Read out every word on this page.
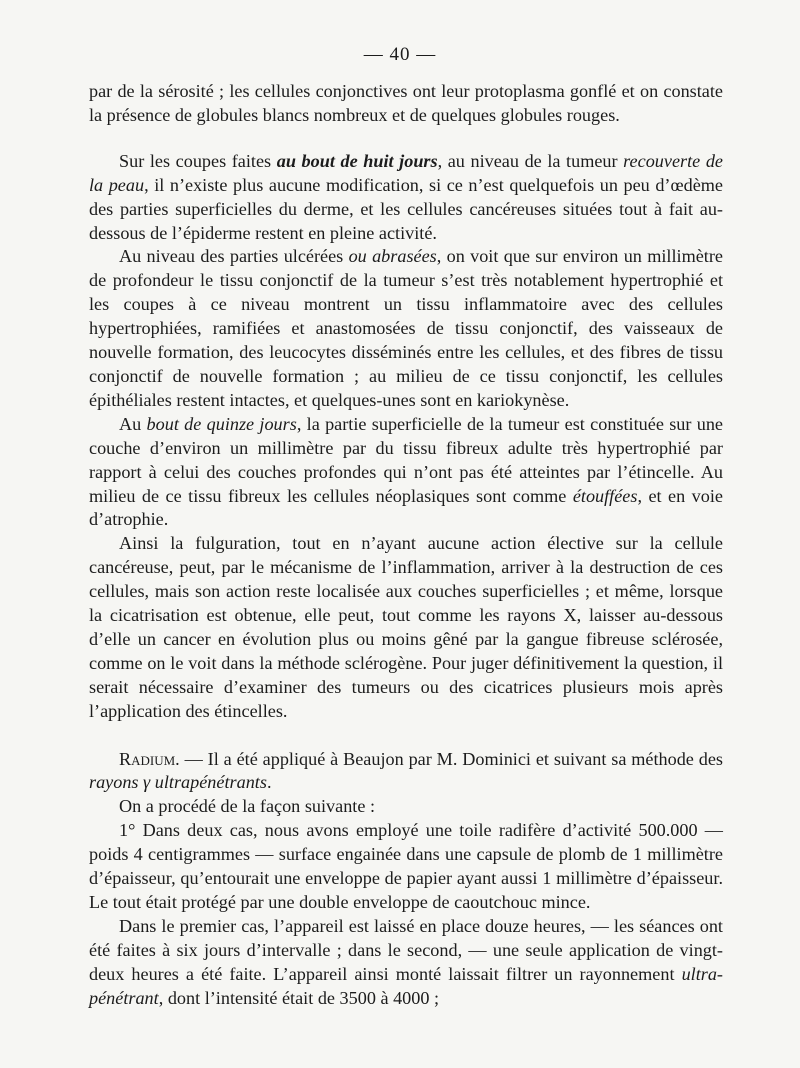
— 40 —

par de la sérosité ; les cellules conjonctives ont leur protoplasma gonflé et on constate la présence de globules blancs nombreux et de quelques globules rouges.

Sur les coupes faites au bout de huit jours, au niveau de la tumeur recouverte de la peau, il n’existe plus aucune modification, si ce n’est quelquefois un peu d’œdème des parties superficielles du derme, et les cellules cancéreuses situées tout à fait au-dessous de l’épiderme restent en pleine activité.

Au niveau des parties ulcérées ou abrasées, on voit que sur environ un millimètre de profondeur le tissu conjonctif de la tumeur s’est très notablement hypertrophié et les coupes à ce niveau montrent un tissu inflammatoire avec des cellules hypertrophiées, ramifiées et anastomosées de tissu conjonctif, des vaisseaux de nouvelle formation, des leucocytes disséminés entre les cellules, et des fibres de tissu conjonctif de nouvelle formation ; au milieu de ce tissu conjonctif, les cellules épithéliales restent intactes, et quelques-unes sont en kariokynèse.

Au bout de quinze jours, la partie superficielle de la tumeur est constituée sur une couche d’environ un millimètre par du tissu fibreux adulte très hypertrophié par rapport à celui des couches profondes qui n’ont pas été atteintes par l’étincelle. Au milieu de ce tissu fibreux les cellules néoplasiques sont comme étouffées, et en voie d’atrophie.

Ainsi la fulguration, tout en n’ayant aucune action élective sur la cellule cancéreuse, peut, par le mécanisme de l’inflammation, arriver à la destruction de ces cellules, mais son action reste localisée aux couches superficielles ; et même, lorsque la cicatrisation est obtenue, elle peut, tout comme les rayons X, laisser au-dessous d’elle un cancer en évolution plus ou moins gêné par la gangue fibreuse sclérosée, comme on le voit dans la méthode sclérogène. Pour juger définitivement la question, il serait nécessaire d’examiner des tumeurs ou des cicatrices plusieurs mois après l’application des étincelles.

Radium. — Il a été appliqué à Beaujon par M. Dominici et suivant sa méthode des rayons γ ultrapénétrants.

On a procédé de la façon suivante :

1° Dans deux cas, nous avons employé une toile radifère d’activité 500.000 — poids 4 centigrammes — surface engainée dans une capsule de plomb de 1 millimètre d’épaisseur, qu’entourait une enveloppe de papier ayant aussi 1 millimètre d’épaisseur. Le tout était protégé par une double enveloppe de caoutchouc mince.

Dans le premier cas, l’appareil est laissé en place douze heures, — les séances ont été faites à six jours d’intervalle ; dans le second, — une seule application de vingt-deux heures a été faite. L’appareil ainsi monté laissait filtrer un rayonnement ultra-pénétrant, dont l’intensité était de 3500 à 4000 ;
